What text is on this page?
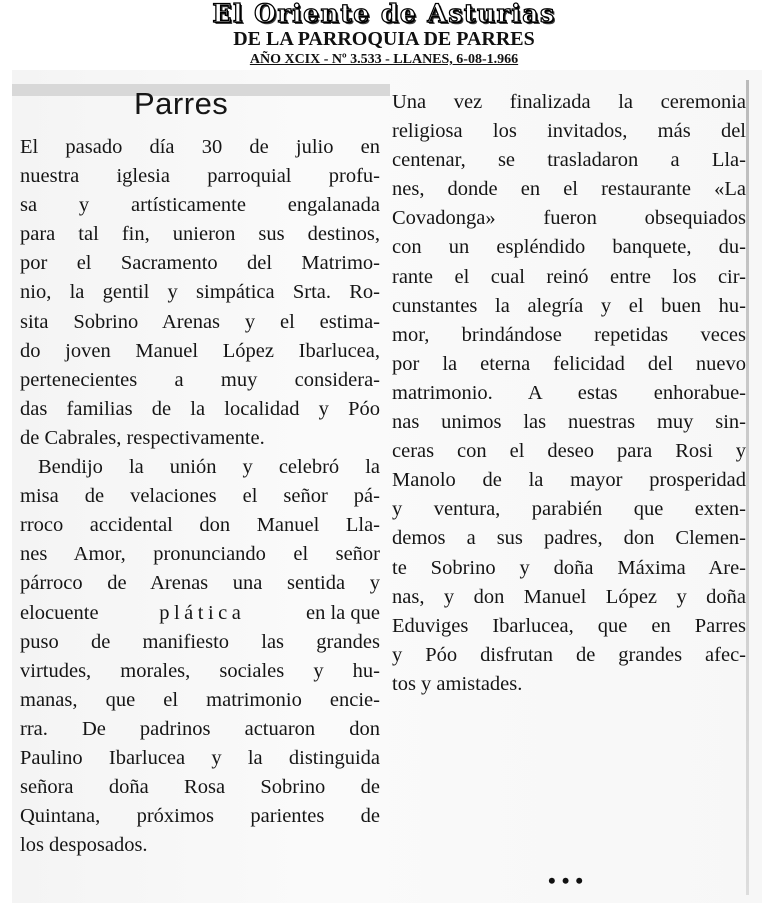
El Oriente de Asturias
DE LA PARROQUIA DE PARRES
AÑO XCIX - Nº 3.533 - LLANES, 6-08-1.966
Parres
El pasado día 30 de julio en
nuestra iglesia parroquial profu-
sa y artísticamente engalanada
para tal fin, unieron sus destinos,
por el Sacramento del Matrimo-
nio, la gentil y simpática Srta. Ro-
sita Sobrino Arenas y el estima-
do joven Manuel López Ibarlucea,
pertenecientes a muy considera-
das familias de la localidad y Póo
de Cabrales, respectivamente.
Bendijo la unión y celebró la
misa de velaciones el señor pá-
rroco accidental don Manuel Lla-
nes Amor, pronunciando el señor
párroco de Arenas una sentida y
elocuente	plática	en la que
puso de manifiesto las grandes
virtudes, morales, sociales y hu-
manas, que el matrimonio encie-
rra. De padrinos actuaron don
Paulino Ibarlucea y la distinguida
señora doña Rosa Sobrino de
Quintana, próximos parientes de
los desposados.
Una vez finalizada la ceremonia
religiosa los invitados, más del
centenar, se trasladaron a Lla-
nes, donde en el restaurante «La
Covadonga» fueron obsequiados
con un espléndido banquete, du-
rante el cual reinó entre los cir-
cunstantes la alegría y el buen hu-
mor, brindándose repetidas veces
por la eterna felicidad del nuevo
matrimonio. A estas enhorabue-
nas unimos las nuestras muy sin-
ceras con el deseo para Rosi y
Manolo de la mayor prosperidad
y ventura, parabién que exten-
demos a sus padres, don Clemen-
te Sobrino y doña Máxima Are-
nas, y don Manuel López y doña
Eduviges Ibarlucea, que en Parres
y Póo disfrutan de grandes afec-
tos y amistades.
•••
